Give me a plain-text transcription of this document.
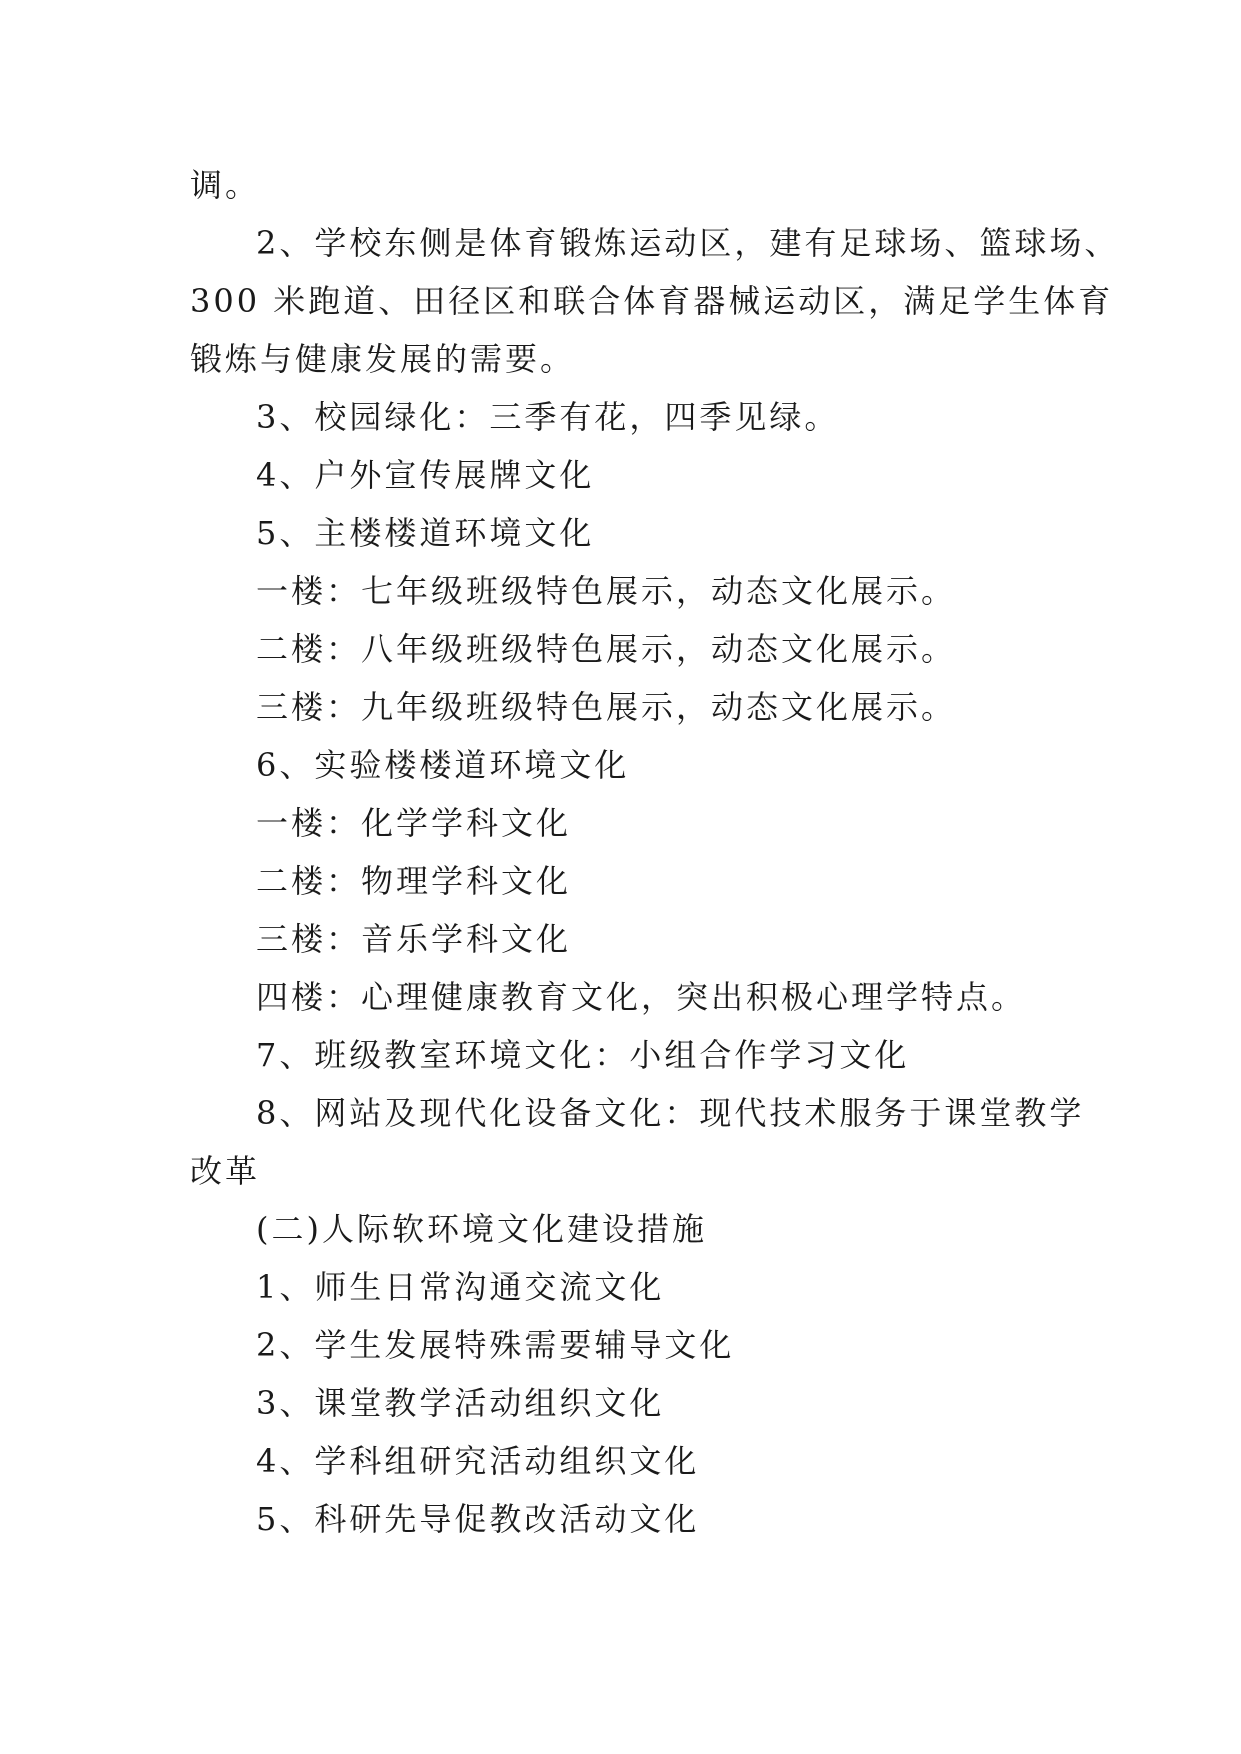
调。

2、学校东侧是体育锻炼运动区，建有足球场、篮球场、

300 米跑道、田径区和联合体育器械运动区，满足学生体育

锻炼与健康发展的需要。

3、校园绿化：三季有花，四季见绿。

4、户外宣传展牌文化

5、主楼楼道环境文化

一楼：七年级班级特色展示，动态文化展示。

二楼：八年级班级特色展示，动态文化展示。

三楼：九年级班级特色展示，动态文化展示。

6、实验楼楼道环境文化

一楼：化学学科文化

二楼：物理学科文化

三楼：音乐学科文化

四楼：心理健康教育文化，突出积极心理学特点。

7、班级教室环境文化：小组合作学习文化

8、网站及现代化设备文化：现代技术服务于课堂教学

改革

(二)人际软环境文化建设措施

1、师生日常沟通交流文化

2、学生发展特殊需要辅导文化

3、课堂教学活动组织文化

4、学科组研究活动组织文化

5、科研先导促教改活动文化
